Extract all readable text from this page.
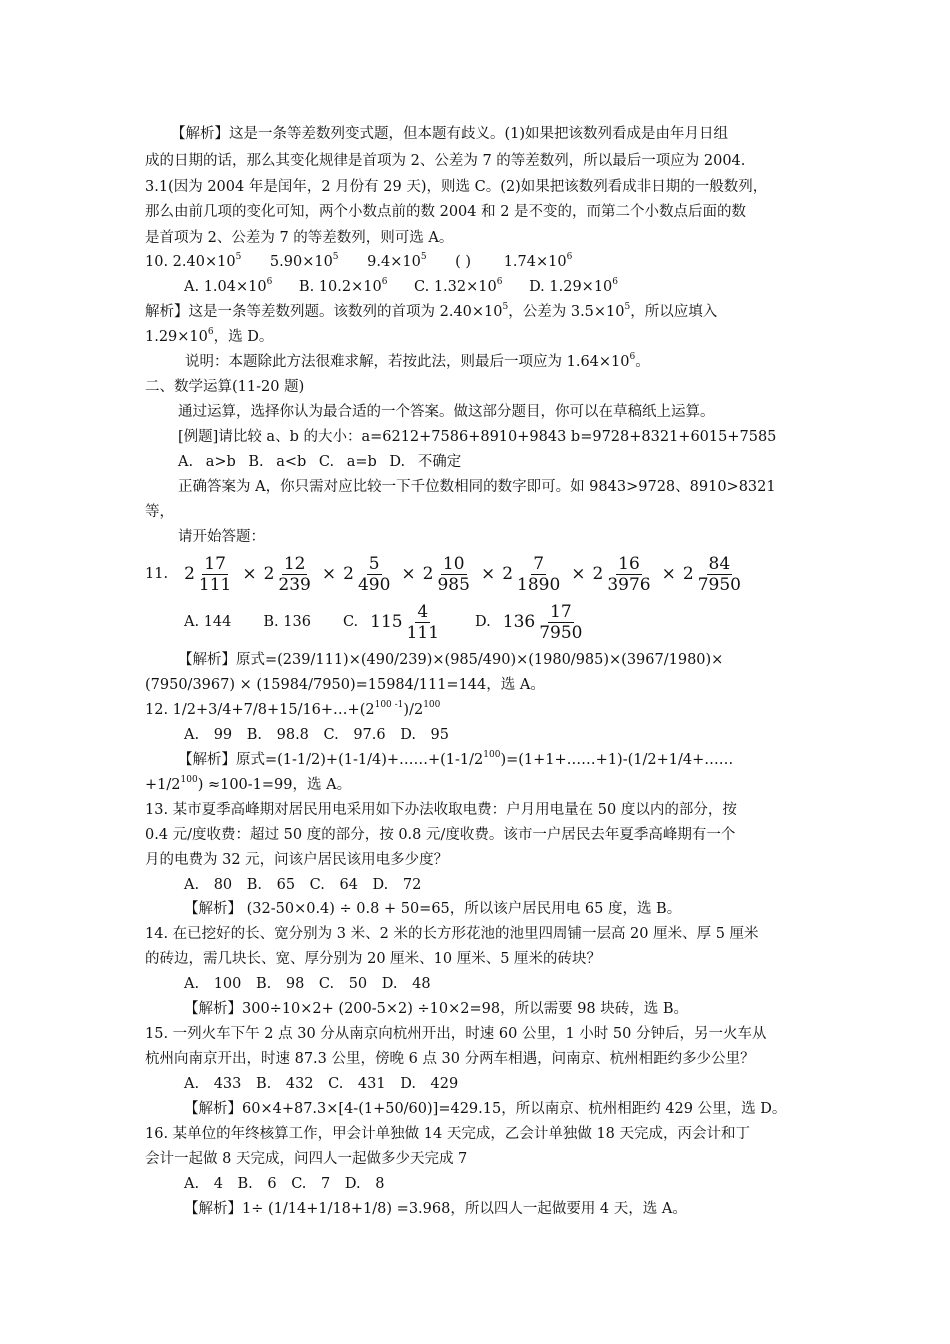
【解析】这是一条等差数列变式题，但本题有歧义。(1)如果把该数列看成是由年月日组
成的日期的话，那么其变化规律是首项为 2、公差为 7 的等差数列，所以最后一项应为 2004.
3.1(因为 2004 年是闰年，2 月份有 29 天)，则选 C。(2)如果把该数列看成非日期的一般数列，
那么由前几项的变化可知，两个小数点前的数 2004 和 2 是不变的，而第二个小数点后面的数
是首项为 2、公差为 7 的等差数列，则可选 A。
10. $2.40\times 10^5$ $5.90\times 10^5$ $9.4\times 10^5$ ( ) $1.74\times 10^6$
A. $1.04\times 10^6$ B. $10.2\times 10^6$ C. $1.32\times 10^6$ D. $1.29\times 10^6$
解析】这是一条等差数列题。该数列的首项为 $2.40\times 10^5$，公差为 $3.5\times 10^5$，所以应填入
$1.29\times 10^6$，选 D。
说明：本题除此方法很难求解，若按此法，则最后一项应为 $1.64\times 10^6$。
二、数学运算(11-20 题)
通过运算，选择你认为最合适的一个答案。做这部分题目，你可以在草稿纸上运算。
[例题]请比较 a、b 的大小：a=6212+7586+8910+9843 b=9728+8321+6015+7585
A. a>b B. a<b C. a=b D. 不确定
正确答案为 A，你只需对应比较一下千位数相同的数字即可。如 9843>9728、8910>8321
等，
请开始答题：
11. $2 \frac{17}{111} \times 2 \frac{12}{239} \times 2 \frac{5}{490} \times 2 \frac{10}{985} \times 2 \frac{7}{1890} \times 2 \frac{16}{3976} \times 2 \frac{84}{7950}$
A. 144 B. 136 C. $115 \frac{4}{111} D$. $136 \frac{17}{7950}$
【解析】原式=(239/111)×(490/239)×(985/490)×(1980/985)×(3967/1980)×
(7950/3967) × (15984/7950)=15984/111=144，选 A。
12. $1/2+3/4+7/8+15/16+\dots+(2^{100 -1})/2^{100}$
A. 99 B. 98.8 C. 97.6 D. 95
【解析】原式$=(1-1/2)+(1-1/4)+\dots\dots+(1-1/2^{100})=(1+1+\dots\dots+1)-(1/2+1/4+\dots\dots$
$+1/2^{100}) \approx 100-1=99$，选 A。
13. 某市夏季高峰期对居民用电采用如下办法收取电费：户月用电量在 50 度以内的部分，按
0.4 元/度收费：超过 50 度的部分，按 0.8 元/度收费。该市一户居民去年夏季高峰期有一个
月的电费为 32 元，问该户居民该用电多少度？
A. 80 B. 65 C. 64 D. 72
【解析】 (32-50×0.4) ÷ 0.8 + 50=65，所以该户居民用电 65 度，选 B。
14. 在已挖好的长、宽分别为 3 米、2 米的长方形花池的池里四周铺一层高 20 厘米、厚 5 厘米
的砖边，需几块长、宽、厚分别为 20 厘米、10 厘米、5 厘米的砖块？
A. 100 B. 98 C. 50 D. 48
【解析】300÷10×2+ (200-5×2) ÷10×2=98，所以需要 98 块砖，选 B。
15. 一列火车下午 2 点 30 分从南京向杭州开出，时速 60 公里，1 小时 50 分钟后，另一火车从
杭州向南京开出，时速 87.3 公里，傍晚 6 点 30 分两车相遇，问南京、杭州相距约多少公里？
A. 433 B. 432 C. 431 D. 429
【解析】60×4+87.3×[4-(1+50/60)]=429.15，所以南京、杭州相距约 429 公里，选 D。
16. 某单位的年终核算工作，甲会计单独做 14 天完成，乙会计单独做 18 天完成，丙会计和丁
会计一起做 8 天完成，问四人一起做多少天完成 7
A. 4 B. 6 C. 7 D. 8
【解析】1÷ (1/14+1/18+1/8) =3.968，所以四人一起做要用 4 天，选 A。
